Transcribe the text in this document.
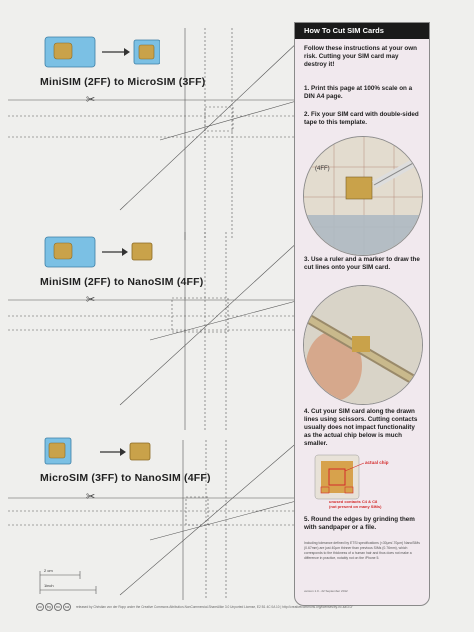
MiniSIM (2FF) to MicroSIM (3FF)
✂
MiniSIM (2FF) to NanoSIM (4FF)
✂
MicroSIM (3FF) to NanoSIM (4FF)
✂
2 cm
1inch
How To Cut SIM Cards
Follow these instructions at your own risk. Cutting your SIM card may destroy it!
1. Print this page at 100% scale on a DIN A4 page.
2. Fix your SIM card with double-sided tape to this template.
(4FF)
3. Use a ruler and a marker to draw the cut lines onto your SIM card.
4. Cut your SIM card along the drawn lines using scissors. Cutting contacts usually does not impact functionality as the actual chip below is much smaller.
actual chip
unused contacts C4 & C8
(not present on many SIMs)
5. Round the edges by grinding them with sandpaper or a file.
Including tolerance defined by ETSI specifications (<30µm/-70µm) NanoSIMs (0.67mm) are just 40µm thinner than previous SIMs (0.76mm), which corresponds to the thickness of a human hair and thus does not make a difference in practice, notably not on the iPhone 5.
version 1.0 - 22 September 2012
cc	by	nc	sa	released by Christian von der Ropp under the Creative Commons Attribution-NonCommercial-ShareAlike 3.0 Unported License, E2 B1 4C 0A 10 | http://creativecommons.org/licenses/by-nc-sa/3.0/
